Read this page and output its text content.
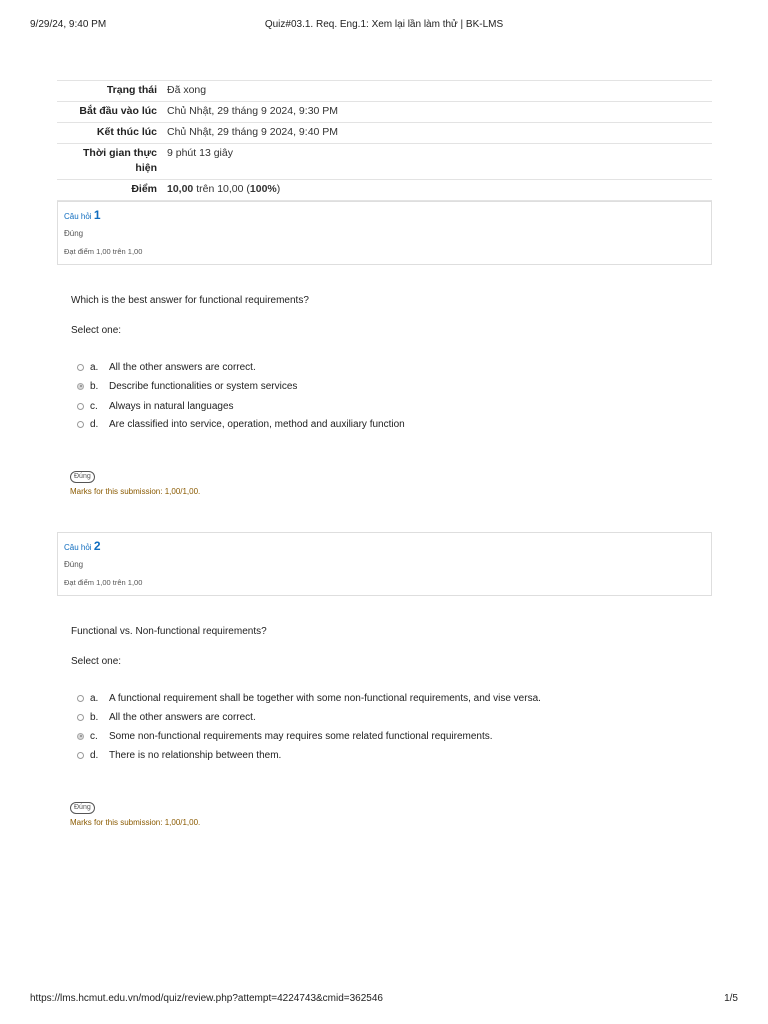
9/29/24, 9:40 PM	Quiz#03.1. Req. Eng.1: Xem lại lần làm thử | BK-LMS
Trạng thái	Đã xong
Bắt đầu vào lúc	Chủ Nhật, 29 tháng 9 2024, 9:30 PM
Kết thúc lúc	Chủ Nhật, 29 tháng 9 2024, 9:40 PM
Thời gian thực hiện	9 phút 13 giây
Điểm	10,00 trên 10,00 (100%)
Câu hỏi 1
Đúng
Đạt điểm 1,00 trên 1,00
Which is the best answer for functional requirements?
Select one:
a.	All the other answers are correct.
b.	Describe functionalities or system services
c.	Always in natural languages
d.	Are classified into service, operation, method and auxiliary function
Đúng
Marks for this submission: 1,00/1,00.
Câu hỏi 2
Đúng
Đạt điểm 1,00 trên 1,00
Functional vs. Non-functional requirements?
Select one:
a.	A functional requirement shall be together with some non-functional requirements, and vise versa.
b.	All the other answers are correct.
c.	Some non-functional requirements may requires some related functional requirements.
d.	There is no relationship between them.
Đúng
Marks for this submission: 1,00/1,00.
https://lms.hcmut.edu.vn/mod/quiz/review.php?attempt=4224743&cmid=362546	1/5
